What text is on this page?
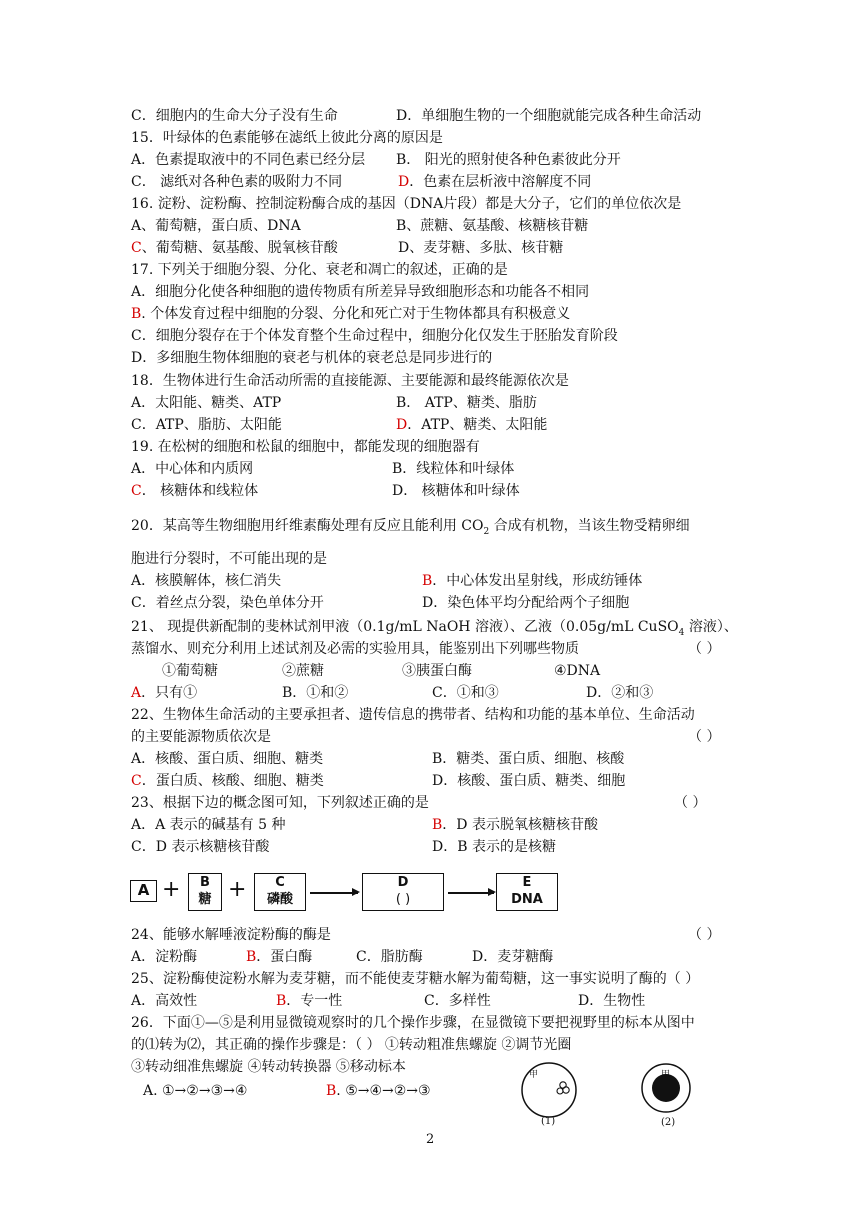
C．细胞内的生命大分子没有生命	D．单细胞生物的一个细胞就能完成各种生命活动
15．叶绿体的色素能够在滤纸上彼此分离的原因是
A．色素提取液中的不同色素已经分层 B． 阳光的照射使各种色素彼此分开
C． 滤纸对各种色素的吸附力不同	D．色素在层析液中溶解度不同
16. 淀粉、淀粉酶、控制淀粉酶合成的基因（DNA片段）都是大分子，它们的单位依次是
A、葡萄糖，蛋白质、DNA	B、蔗糖、氨基酸、核糖核苷糖
C、葡萄糖、氨基酸、脱氧核苷酸	D、麦芽糖、多肽、核苷糖
17. 下列关于细胞分裂、分化、衰老和凋亡的叙述，正确的是
A．细胞分化使各种细胞的遗传物质有所差异导致细胞形态和功能各不相同
B. 个体发育过程中细胞的分裂、分化和死亡对于生物体都具有积极意义
C．细胞分裂存在于个体发育整个生命过程中，细胞分化仅发生于胚胎发育阶段
D．多细胞生物体细胞的衰老与机体的衰老总是同步进行的
18．生物体进行生命活动所需的直接能源、主要能源和最终能源依次是
A．太阳能、糖类、ATP	B． ATP、糖类、脂肪
C．ATP、脂肪、太阳能	D．ATP、糖类、太阳能
19. 在松树的细胞和松鼠的细胞中，都能发现的细胞器有
A．中心体和内质网	B．线粒体和叶绿体
C． 核糖体和线粒体	D． 核糖体和叶绿体
20．某高等生物细胞用纤维素酶处理有反应且能利用 $CO_2$ 合成有机物，当该生物受精卵细
胞进行分裂时，不可能出现的是
A．核膜解体，核仁消失	B．中心体发出星射线，形成纺锤体
C．着丝点分裂，染色单体分开	D．染色体平均分配给两个子细胞
21、 现提供新配制的斐林试剂甲液（0.1g/mL NaOH 溶液）、乙液（0.05g/mL CuSO$_4$ 溶液）、
蒸馏水、则充分利用上述试剂及必需的实验用具，能鉴别出下列哪些物质	（ ）
①葡萄糖	②蔗糖	③胰蛋白酶	④DNA
A．只有①	B．①和②	C．①和③	D．②和③
22、生物体生命活动的主要承担者、遗传信息的携带者、结构和功能的基本单位、生命活动
的主要能源物质依次是	（ ）
A．核酸、蛋白质、细胞、糖类	B．糖类、蛋白质、细胞、核酸
C．蛋白质、核酸、细胞、糖类	D．核酸、蛋白质、糖类、细胞
23、根据下边的概念图可知，下列叙述正确的是	（ ）
A．A 表示的碱基有 5 种	B．D 表示脱氧核糖核苷酸
C．D 表示核糖核苷酸	D．B 表示的是核糖
A +	B
糖 +	C
磷酸
D
( )
E
DNA
24、能够水解唾液淀粉酶的酶是	（ ）
A．淀粉酶	B．蛋白酶	C．脂肪酶	D．麦芽糖酶
25、淀粉酶使淀粉水解为麦芽糖，而不能使麦芽糖水解为葡萄糖，这一事实说明了酶的（ ）
A．高效性	B．专一性	C．多样性	D．生物性
26．下面①—⑤是利用显微镜观察时的几个操作步骤，在显微镜下要把视野里的标本从图中
的⑴转为⑵，其正确的操作步骤是：（ ） ①转动粗准焦螺旋 ②调节光圈
③转动细准焦螺旋 ④转动转换器 ⑤移动标本
A. ①→②→③→④	B. ⑤→④→②→③
甲
(1)
甲
(2)
2
